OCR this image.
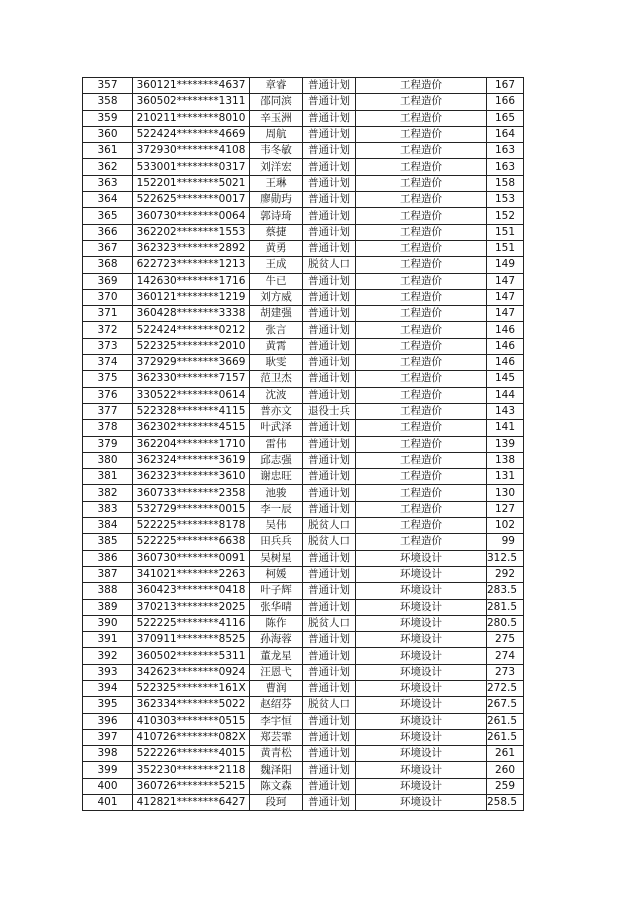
357	360121********4637	章睿	普通计划	工程造价	167
358	360502********1311	邵同滨	普通计划	工程造价	166
359	210211********8010	辛玉洲	普通计划	工程造价	165
360	522424********4669	周航	普通计划	工程造价	164
361	372930********4108	韦冬敏	普通计划	工程造价	163
362	533001********0317	刘洋宏	普通计划	工程造价	163
363	152201********5021	王琳	普通计划	工程造价	158
364	522625********0017	廖勋玙	普通计划	工程造价	153
365	360730********0064	郭诗琦	普通计划	工程造价	152
366	362202********1553	蔡捷	普通计划	工程造价	151
367	362323********2892	黄勇	普通计划	工程造价	151
368	622723********1213	王成	脱贫人口	工程造价	149
369	142630********1716	牛已	普通计划	工程造价	147
370	360121********1219	刘方威	普通计划	工程造价	147
371	360428********3338	胡建强	普通计划	工程造价	147
372	522424********0212	张言	普通计划	工程造价	146
373	522325********2010	黄霄	普通计划	工程造价	146
374	372929********3669	耿雯	普通计划	工程造价	146
375	362330********7157	范卫杰	普通计划	工程造价	145
376	330522********0614	沈波	普通计划	工程造价	144
377	522328********4115	普亦文	退役士兵	工程造价	143
378	362302********4515	叶武泽	普通计划	工程造价	141
379	362204********1710	雷伟	普通计划	工程造价	139
380	362324********3619	邱志强	普通计划	工程造价	138
381	362323********3610	谢忠旺	普通计划	工程造价	131
382	360733********2358	池骏	普通计划	工程造价	130
383	532729********0015	李一辰	普通计划	工程造价	127
384	522225********8178	吴伟	脱贫人口	工程造价	102
385	522225********6638	田兵兵	脱贫人口	工程造价	99
386	360730********0091	吴树星	普通计划	环境设计	312.5
387	341021********2263	柯媛	普通计划	环境设计	292
388	360423********0418	叶子辉	普通计划	环境设计	283.5
389	370213********2025	张华晴	普通计划	环境设计	281.5
390	522225********4116	陈作	脱贫人口	环境设计	280.5
391	370911********8525	孙海蓉	普通计划	环境设计	275
392	360502********5311	董龙星	普通计划	环境设计	274
393	342623********0924	汪恩弋	普通计划	环境设计	273
394	522325********161X	曹润	普通计划	环境设计	272.5
395	362334********5022	赵绍芬	脱贫人口	环境设计	267.5
396	410303********0515	李宇恒	普通计划	环境设计	261.5
397	410726********082X	郑芸霏	普通计划	环境设计	261.5
398	522226********4015	黄青松	普通计划	环境设计	261
399	352230********2118	魏泽阳	普通计划	环境设计	260
400	360726********5215	陈文森	普通计划	环境设计	259
401	412821********6427	段珂	普通计划	环境设计	258.5
